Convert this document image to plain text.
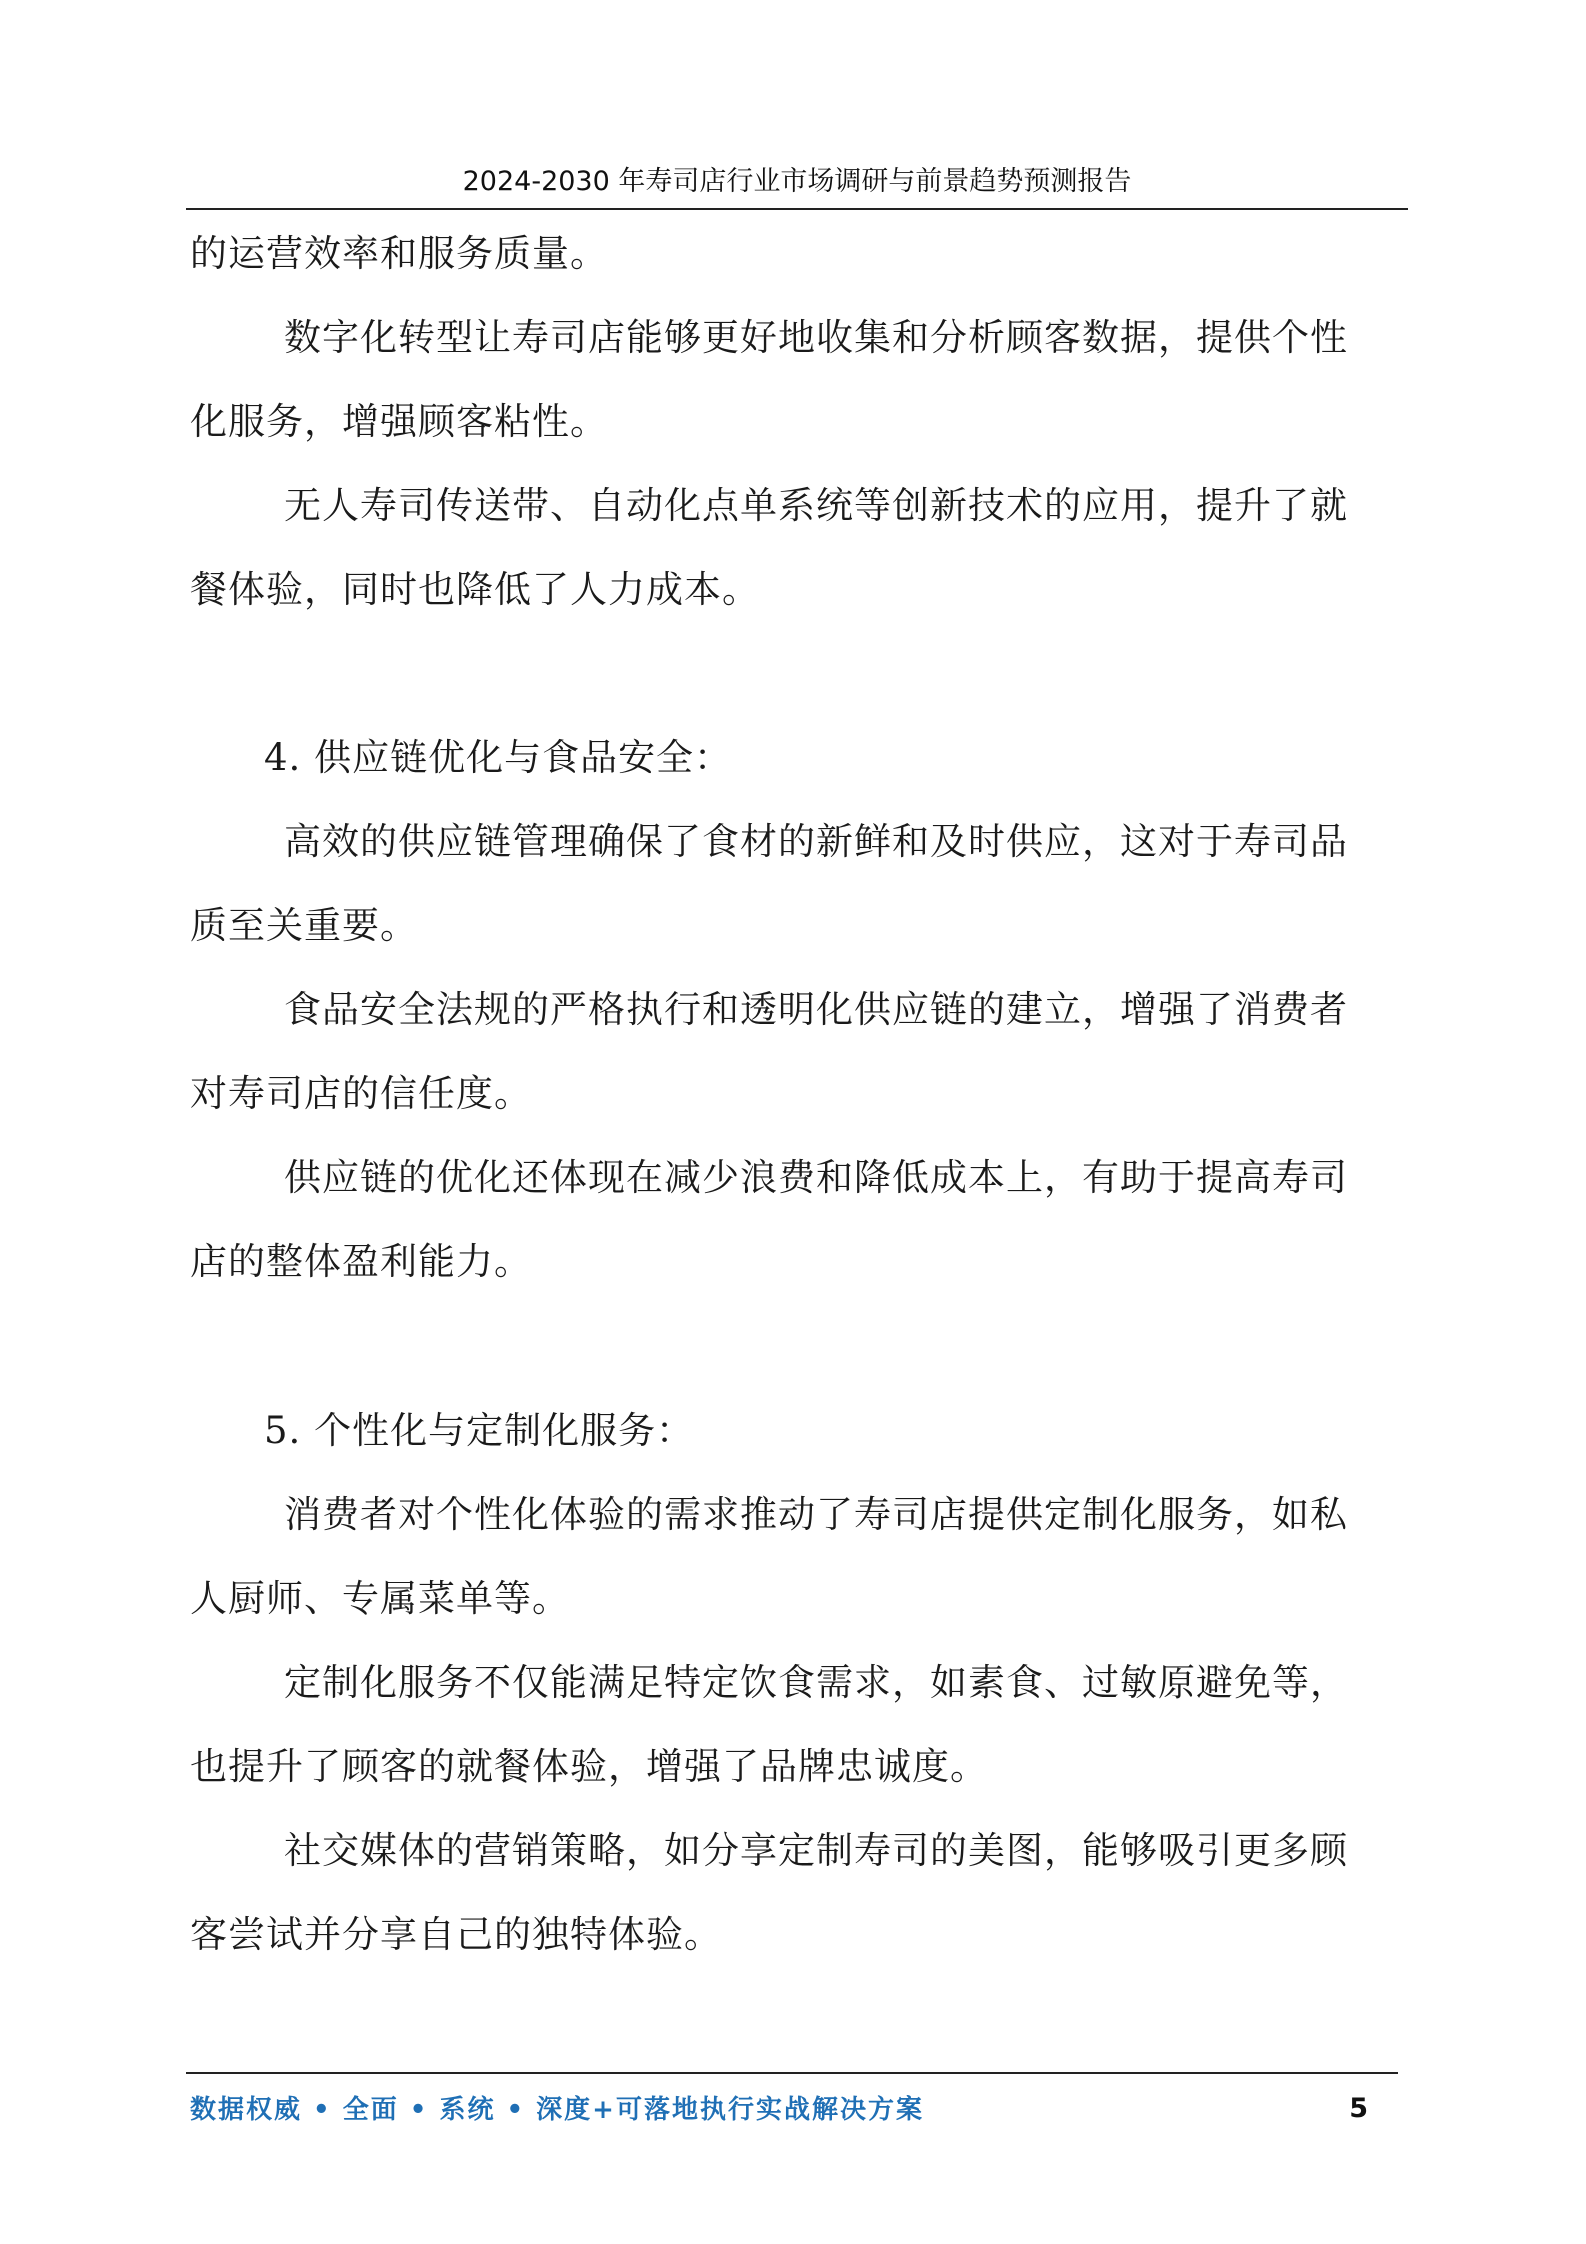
2024-2030 年寿司店行业市场调研与前景趋势预测报告

的运营效率和服务质量。

数字化转型让寿司店能够更好地收集和分析顾客数据，提供个性化服务，增强顾客粘性。

无人寿司传送带、自动化点单系统等创新技术的应用，提升了就餐体验，同时也降低了人力成本。

4. 供应链优化与食品安全：

高效的供应链管理确保了食材的新鲜和及时供应，这对于寿司品质至关重要。

食品安全法规的严格执行和透明化供应链的建立，增强了消费者对寿司店的信任度。

供应链的优化还体现在减少浪费和降低成本上，有助于提高寿司店的整体盈利能力。

5. 个性化与定制化服务：

消费者对个性化体验的需求推动了寿司店提供定制化服务，如私人厨师、专属菜单等。

定制化服务不仅能满足特定饮食需求，如素食、过敏原避免等，也提升了顾客的就餐体验，增强了品牌忠诚度。

社交媒体的营销策略，如分享定制寿司的美图，能够吸引更多顾客尝试并分享自己的独特体验。

数据权威 • 全面 • 系统 • 深度+可落地执行实战解决方案	5
